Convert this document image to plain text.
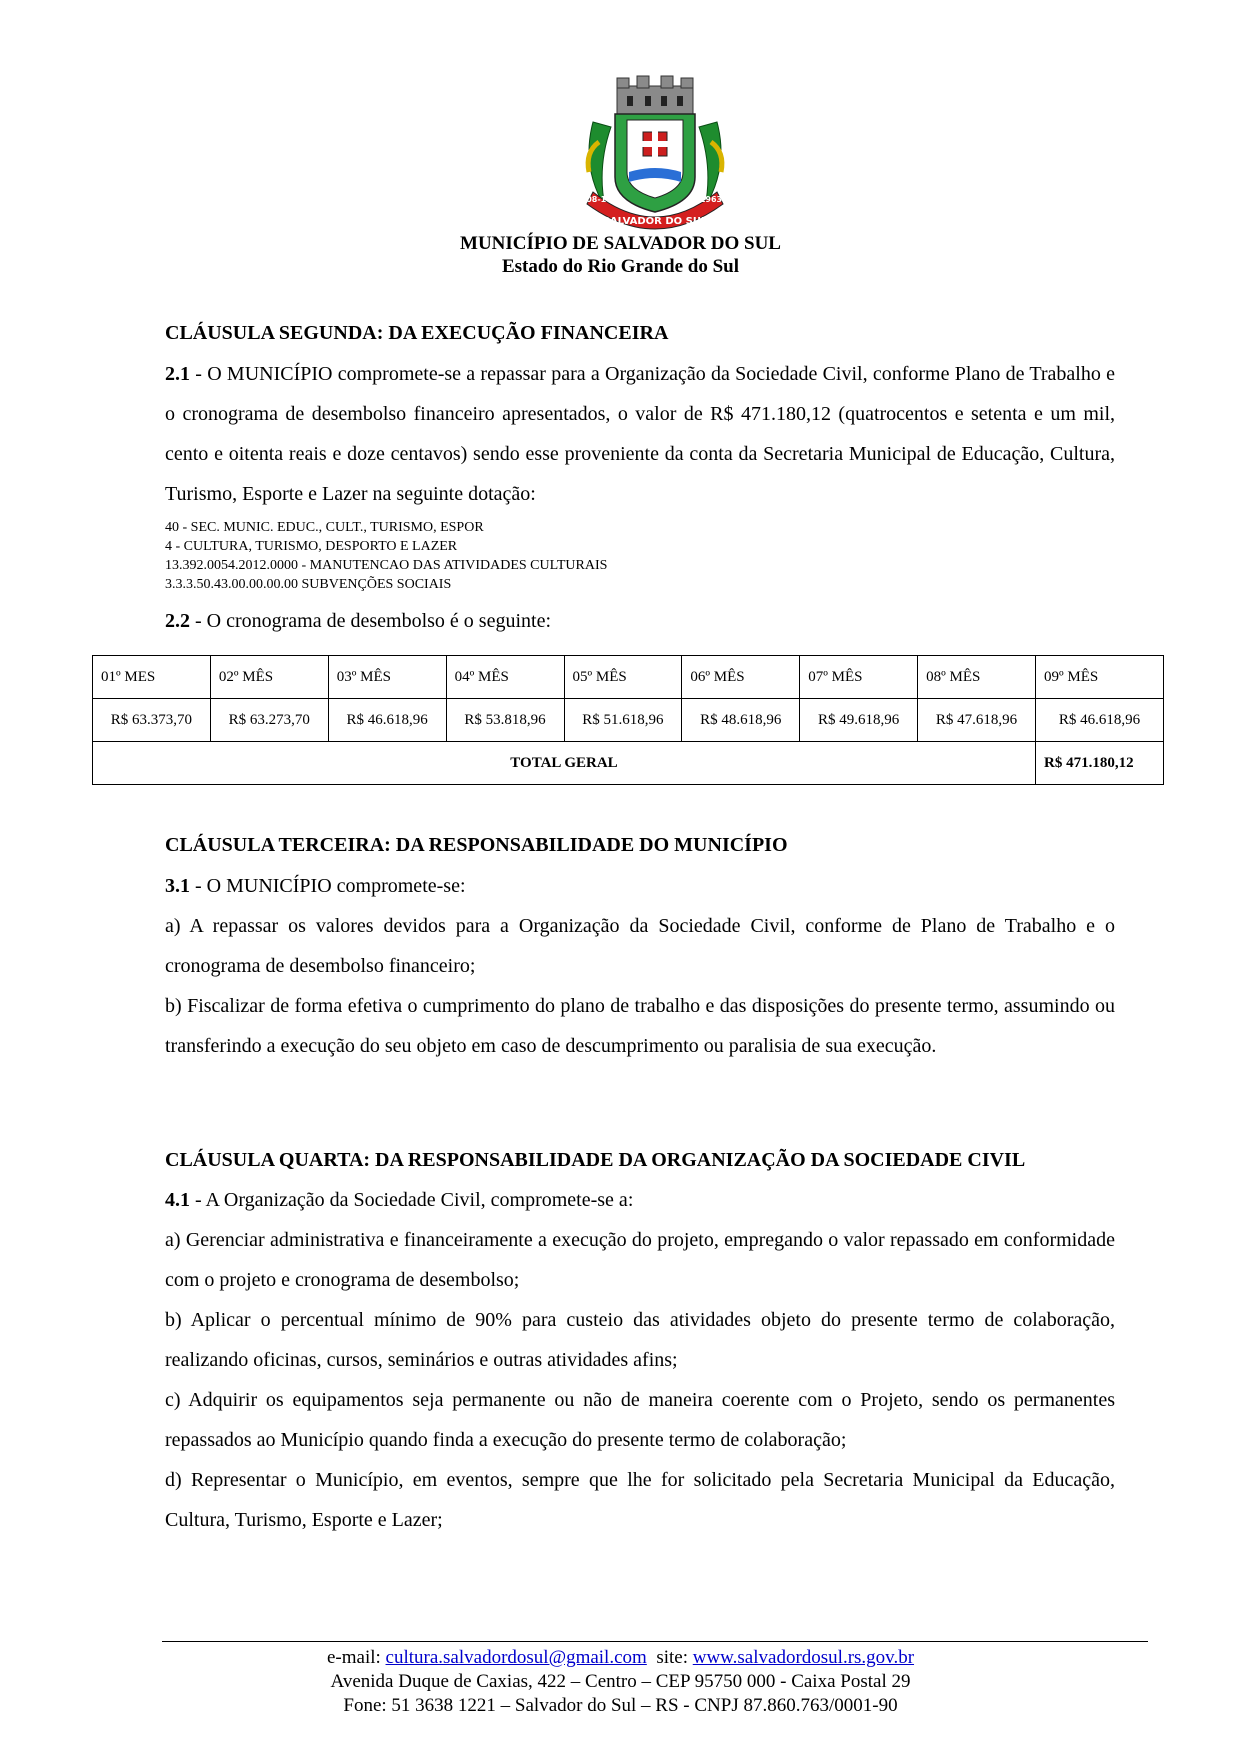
SALVADOR DO SUL
08-10	1963
MUNICÍPIO DE SALVADOR DO SUL
Estado do Rio Grande do Sul

CLÁUSULA SEGUNDA: DA EXECUÇÃO FINANCEIRA

2.1 - O MUNICÍPIO compromete-se a repassar para a Organização da Sociedade Civil, conforme Plano de Trabalho e o cronograma de desembolso financeiro apresentados, o valor de R$ 471.180,12 (quatrocentos e setenta e um mil, cento e oitenta reais e doze centavos) sendo esse proveniente da conta da Secretaria Municipal de Educação, Cultura, Turismo, Esporte e Lazer na seguinte dotação:

40 - SEC. MUNIC. EDUC., CULT., TURISMO, ESPOR

4 - CULTURA, TURISMO, DESPORTO E LAZER

13.392.0054.2012.0000 - MANUTENCAO DAS ATIVIDADES CULTURAIS

3.3.3.50.43.00.00.00.00 SUBVENÇÕES SOCIAIS

2.2 - O cronograma de desembolso é o seguinte:

01º MES	02º MÊS	03º MÊS	04º MÊS	05º MÊS	06º MÊS	07º MÊS	08º MÊS	09º MÊS
R$ 63.373,70	R$ 63.273,70	R$ 46.618,96	R$ 53.818,96	R$ 51.618,96	R$ 48.618,96	R$ 49.618,96	R$ 47.618,96	R$ 46.618,96
TOTAL GERAL								R$ 471.180,12

CLÁUSULA TERCEIRA: DA RESPONSABILIDADE DO MUNICÍPIO

3.1 - O MUNICÍPIO compromete-se:

a) A repassar os valores devidos para a Organização da Sociedade Civil, conforme de Plano de Trabalho e o cronograma de desembolso financeiro;

b) Fiscalizar de forma efetiva o cumprimento do plano de trabalho e das disposições do presente termo, assumindo ou transferindo a execução do seu objeto em caso de descumprimento ou paralisia de sua execução.

CLÁUSULA QUARTA: DA RESPONSABILIDADE DA ORGANIZAÇÃO DA SOCIEDADE CIVIL

4.1 - A Organização da Sociedade Civil, compromete-se a:

a) Gerenciar administrativa e financeiramente a execução do projeto, empregando o valor repassado em conformidade com o projeto e cronograma de desembolso;

b) Aplicar o percentual mínimo de 90% para custeio das atividades objeto do presente termo de colaboração, realizando oficinas, cursos, seminários e outras atividades afins;

c) Adquirir os equipamentos seja permanente ou não de maneira coerente com o Projeto, sendo os permanentes repassados ao Município quando finda a execução do presente termo de colaboração;

d) Representar o Município, em eventos, sempre que lhe for solicitado pela Secretaria Municipal da Educação, Cultura, Turismo, Esporte e Lazer;

e-mail: cultura.salvadordosul@gmail.com  site: www.salvadordosul.rs.gov.br
Avenida Duque de Caxias, 422 – Centro – CEP 95750 000 - Caixa Postal 29
Fone: 51 3638 1221 – Salvador do Sul – RS - CNPJ 87.860.763/0001-90
